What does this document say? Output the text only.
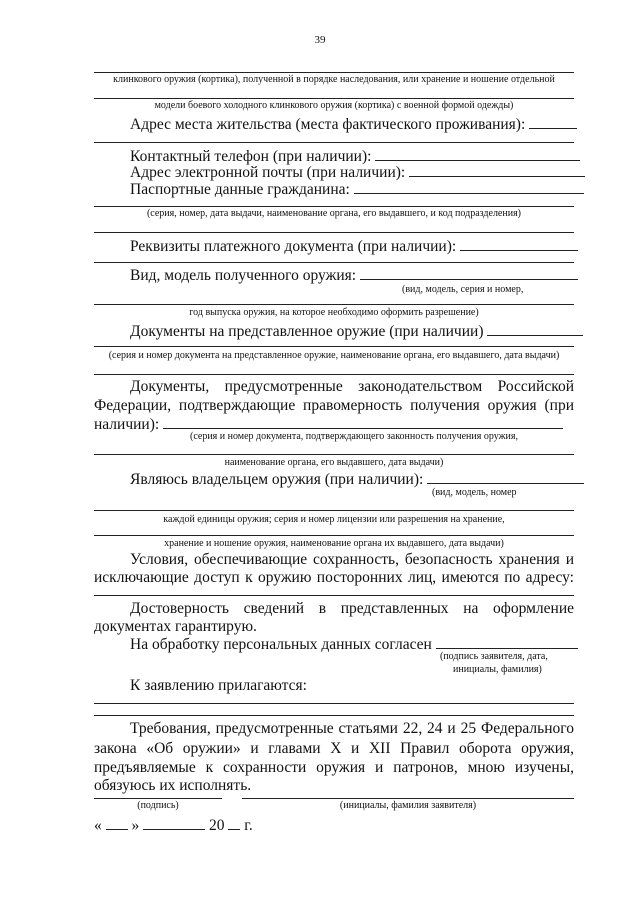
39
клинкового оружия (кортика), полученной в порядке наследования, или хранение и ношение отдельной
модели боевого холодного клинкового оружия (кортика) с военной формой одежды)
Адрес места жительства (места фактического проживания):
Контактный телефон (при наличии):
Адрес электронной почты (при наличии):
Паспортные данные гражданина:
(серия, номер, дата выдачи, наименование органа, его выдавшего, и код подразделения)
Реквизиты платежного документа (при наличии):
Вид, модель полученного оружия:
(вид, модель, серия и номер,
год выпуска оружия, на которое необходимо оформить разрешение)
Документы на представленное оружие (при наличии)
(серия и номер документа на представленное оружие, наименование органа, его выдавшего, дата выдачи)
Документы, предусмотренные законодательством Российской
Федерации, подтверждающие правомерность получения оружия (при
наличии):
(серия и номер документа, подтверждающего законность получения оружия,
наименование органа, его выдавшего, дата выдачи)
Являюсь владельцем оружия (при наличии):
(вид, модель, номер
каждой единицы оружия; серия и номер лицензии или разрешения на хранение,
хранение и ношение оружия, наименование органа их выдавшего, дата выдачи)
Условия, обеспечивающие сохранность, безопасность хранения и
исключающие доступ к оружию посторонних лиц, имеются по адресу:
Достоверность сведений в представленных на оформление
документах гарантирую.
На обработку персональных данных согласен
(подпись заявителя, дата,
инициалы, фамилия)
К заявлению прилагаются:
Требования, предусмотренные статьями 22, 24 и 25 Федерального
закона «Об оружии» и главами X и XII Правил оборота оружия,
предъявляемые к сохранности оружия и патронов, мною изучены,
обязуюсь их исполнять.
(подпись)	(инициалы, фамилия заявителя)
« »	20 г.
